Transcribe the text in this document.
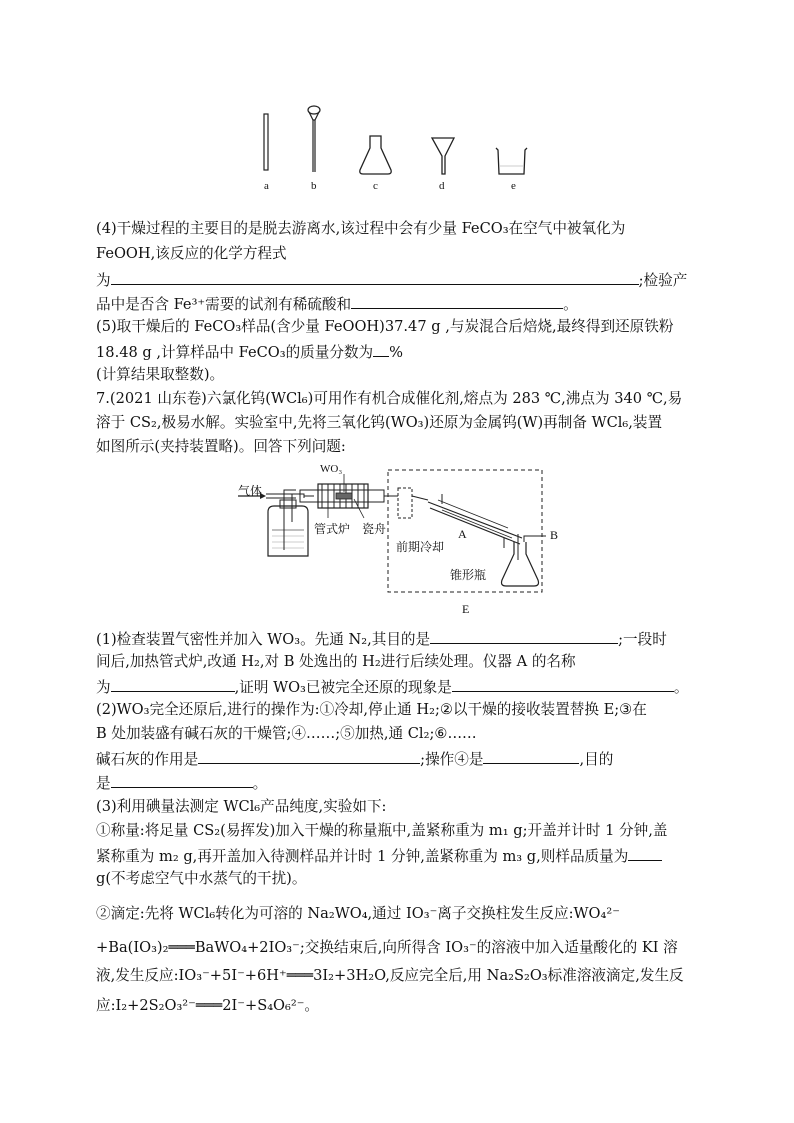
a	b	c	d	e
(4)干燥过程的主要目的是脱去游离水,该过程中会有少量 FeCO₃在空气中被氧化为
FeOOH,该反应的化学方程式
为	;检验产
品中是否含 Fe³⁺需要的试剂有稀硫酸和	。
(5)取干燥后的 FeCO₃样品(含少量 FeOOH)37.47 g ,与炭混合后焙烧,最终得到还原铁粉
18.48 g ,计算样品中 FeCO₃的质量分数为 %
(计算结果取整数)。
7.(2021 山东卷)六氯化钨(WCl₆)可用作有机合成催化剂,熔点为 283 ℃,沸点为 340 ℃,易
溶于 CS₂,极易水解。实验室中,先将三氧化钨(WO₃)还原为金属钨(W)再制备 WCl₆,装置
如图所示(夹持装置略)。回答下列问题:
气体
WO₃
管式炉 瓷舟
前期冷却
A	B
锥形瓶
E
(1)检查装置气密性并加入 WO₃。先通 N₂,其目的是	;一段时
间后,加热管式炉,改通 H₂,对 B 处逸出的 H₂进行后续处理。仪器 A 的名称
为	,证明 WO₃已被完全还原的现象是	。
(2)WO₃完全还原后,进行的操作为:①冷却,停止通 H₂;②以干燥的接收装置替换 E;③在
B 处加装盛有碱石灰的干燥管;④……;⑤加热,通 Cl₂;⑥……
碱石灰的作用是	;操作④是	,目的
是	。
(3)利用碘量法测定 WCl₆产品纯度,实验如下:
①称量:将足量 CS₂(易挥发)加入干燥的称量瓶中,盖紧称重为 m₁ g;开盖并计时 1 分钟,盖
紧称重为 m₂ g,再开盖加入待测样品并计时 1 分钟,盖紧称重为 m₃ g,则样品质量为
g(不考虑空气中水蒸气的干扰)。
②滴定:先将 WCl₆转化为可溶的 Na₂WO₄,通过 IO₃⁻离子交换柱发生反应:WO₄²⁻
+Ba(IO₃)₂═══BaWO₄+2IO₃⁻;交换结束后,向所得含 IO₃⁻的溶液中加入适量酸化的 KI 溶
液,发生反应:IO₃⁻+5I⁻+6H⁺═══3I₂+3H₂O,反应完全后,用 Na₂S₂O₃标准溶液滴定,发生反
应:I₂+2S₂O₃²⁻═══2I⁻+S₄O₆²⁻。
